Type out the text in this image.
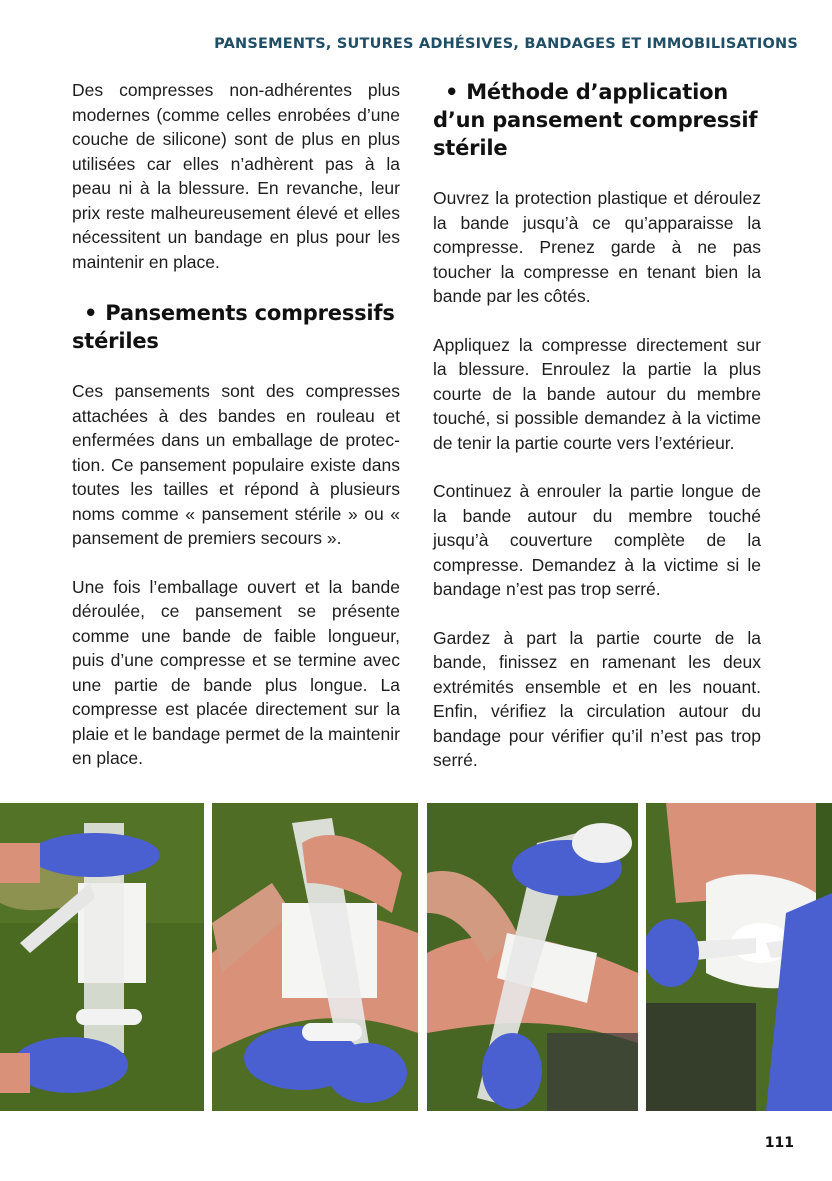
PANSEMENTS, SUTURES ADHÉSIVES, BANDAGES ET IMMOBILISATIONS

Des compresses non-adhérentes plus modernes (comme celles enrobées d’une couche de silicone) sont de plus en plus utilisées car elles n’adhèrent pas à la peau ni à la blessure. En revanche, leur prix reste malheureusement élevé et elles nécessitent un bandage en plus pour les maintenir en place.

• Pansements compressifs stériles

Ces pansements sont des compresses attachées à des bandes en rouleau et enfermées dans un emballage de protection. Ce pansement populaire existe dans toutes les tailles et répond à plusieurs noms comme « pansement stérile » ou « pansement de premiers secours ».

Une fois l’emballage ouvert et la bande déroulée, ce pansement se présente comme une bande de faible longueur, puis d’une compresse et se termine avec une partie de bande plus longue. La compresse est placée directement sur la plaie et le bandage permet de la maintenir en place.

• Méthode d’application d’un pansement compressif stérile

Ouvrez la protection plastique et déroulez la bande jusqu’à ce qu’apparaisse la compresse. Prenez garde à ne pas toucher la compresse en tenant bien la bande par les côtés.

Appliquez la compresse directement sur la blessure. Enroulez la partie la plus courte de la bande autour du membre touché, si possible demandez à la victime de tenir la partie courte vers l’extérieur.

Continuez à enrouler la partie longue de la bande autour du membre touché jusqu’à couverture complète de la compresse. Demandez à la victime si le bandage n’est pas trop serré.

Gardez à part la partie courte de la bande, finissez en ramenant les deux extrémités ensemble et en les nouant. Enfin, vérifiez la circulation autour du bandage pour vérifier qu’il n’est pas trop serré.

111
